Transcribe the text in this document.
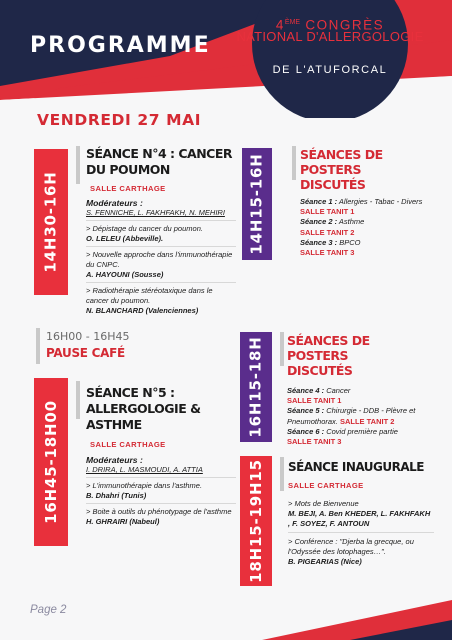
PROGRAMME
4ÈME CONGRÈS
NATIONAL D'ALLERGOLOGIE
DE L'ATUFORCAL
VENDREDI 27 MAI
14H30-16H
SÉANCE N°4 : CANCER DU POUMON
SALLE CARTHAGE
Modérateurs :
S. FENNICHE, L. FAKHFAKH, N. MEHIRI
> Dépistage du cancer du poumon.
O. LELEU (Abbeville).
> Nouvelle approche dans l'immunothérapie du CNPC.
A. HAYOUNI (Sousse)
> Radiothérapie stéréotaxique dans le cancer du poumon.
N. BLANCHARD (Valenciennes)
14H15-16H	SÉANCES DE POSTERS DISCUTÉS
Séance 1 : Allergies - Tabac - Divers
SALLE TANIT 1
Séance 2 : Asthme
SALLE TANIT 2
Séance 3 : BPCO
SALLE TANIT 3
16H00 - 16H45
PAUSE CAFÉ
16H45-18H00
SÉANCE N°5 : ALLERGOLOGIE & ASTHME
SALLE CARTHAGE
Modérateurs :
I. DRIRA, L. MASMOUDI, A. ATTIA
> L'immunothérapie dans l'asthme.
B. Dhahri (Tunis)
> Boite à outils du phénotypage de l'asthme
H. GHRAIRI (Nabeul)
16H15-18H SÉANCES DE POSTERS DISCUTÉS
Séance 4 : Cancer
SALLE TANIT 1
Séance 5 : Chirurgie - DDB - Plèvre et Pneumothorax. SALLE TANIT 2
Séance 6 : Covid première partie
SALLE TANIT 3
18H15-19H15 SÉANCE INAUGURALE
SALLE CARTHAGE
> Mots de Bienvenue
M. BEJI, A. Ben KHEDER, L. FAKHFAKH , F. SOYEZ, F. ANTOUN
> Conférence : "Djerba la grecque, ou l'Odyssée des lotophages…".
B. PIGEARIAS (Nice)
Page 2
